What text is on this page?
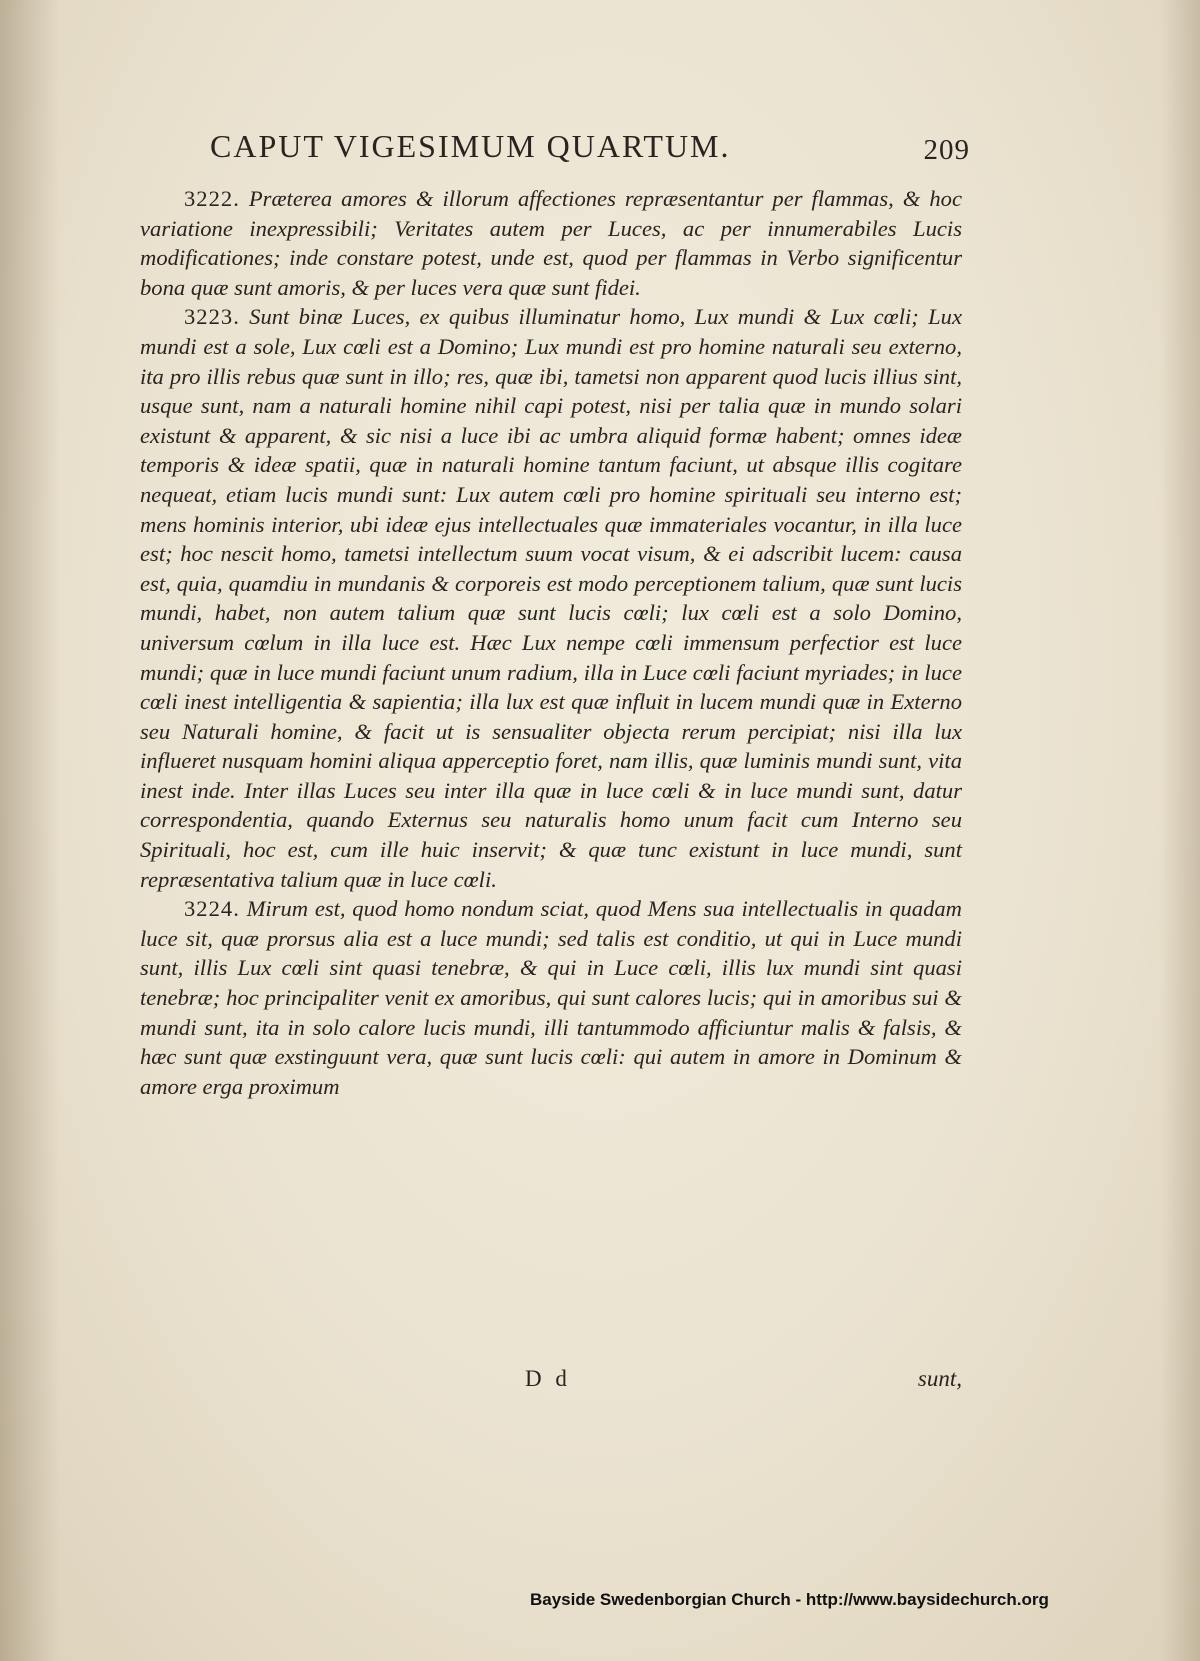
CAPUT VIGESIMUM QUARTUM.	209

3222. Præterea amores & illorum affectiones repræsentantur per flammas, & hoc variatione inexpressibili; Veritates autem per Luces, ac per innumerabiles Lucis modificationes; inde constare potest, unde est, quod per flammas in Verbo significentur bona quæ sunt amoris, & per luces vera quæ sunt fidei.

3223. Sunt binæ Luces, ex quibus illuminatur homo, Lux mundi & Lux cœli; Lux mundi est a sole, Lux cœli est a Domino; Lux mundi est pro homine naturali seu externo, ita pro illis rebus quæ sunt in illo; res, quæ ibi, tametsi non apparent quod lucis illius sint, usque sunt, nam a naturali homine nihil capi potest, nisi per talia quæ in mundo solari existunt & apparent, & sic nisi a luce ibi ac umbra aliquid formæ habent; omnes ideæ temporis & ideæ spatii, quæ in naturali homine tantum faciunt, ut absque illis cogitare nequeat, etiam lucis mundi sunt: Lux autem cœli pro homine spirituali seu interno est; mens hominis interior, ubi ideæ ejus intellectuales quæ immateriales vocantur, in illa luce est; hoc nescit homo, tametsi intellectum suum vocat visum, & ei adscribit lucem: causa est, quia, quamdiu in mundanis & corporeis est modo perceptionem talium, quæ sunt lucis mundi, habet, non autem talium quæ sunt lucis cœli; lux cœli est a solo Domino, universum cœlum in illa luce est. Hæc Lux nempe cœli immensum perfectior est luce mundi; quæ in luce mundi faciunt unum radium, illa in Luce cœli faciunt myriades; in luce cœli inest intelligentia & sapientia; illa lux est quæ influit in lucem mundi quæ in Externo seu Naturali homine, & facit ut is sensualiter objecta rerum percipiat; nisi illa lux influeret nusquam homini aliqua apperceptio foret, nam illis, quæ luminis mundi sunt, vita inest inde. Inter illas Luces seu inter illa quæ in luce cœli & in luce mundi sunt, datur correspondentia, quando Externus seu naturalis homo unum facit cum Interno seu Spirituali, hoc est, cum ille huic inservit; & quæ tunc existunt in luce mundi, sunt repræsentativa talium quæ in luce cœli.

3224. Mirum est, quod homo nondum sciat, quod Mens sua intellectualis in quadam luce sit, quæ prorsus alia est a luce mundi; sed talis est conditio, ut qui in Luce mundi sunt, illis Lux cœli sint quasi tenebræ, & qui in Luce cœli, illis lux mundi sint quasi tenebræ; hoc principaliter venit ex amoribus, qui sunt calores lucis; qui in amoribus sui & mundi sunt, ita in solo calore lucis mundi, illi tantummodo afficiuntur malis & falsis, & hæc sunt quæ exstinguunt vera, quæ sunt lucis cœli: qui autem in amore in Dominum & amore erga proximum

D d	sunt,
Bayside Swedenborgian Church - http://www.baysidechurch.org
